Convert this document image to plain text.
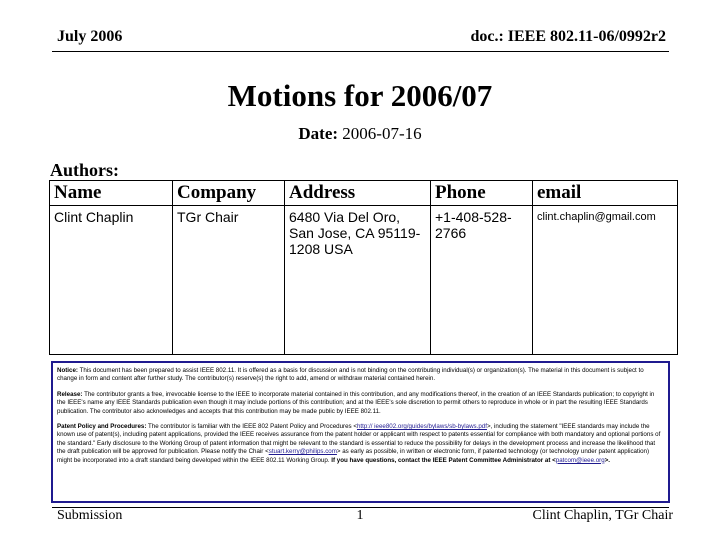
July 2006	doc.: IEEE 802.11-06/0992r2
Motions for 2006/07
Date: 2006-07-16
Authors:
Name	Company	Address	Phone	email
Clint Chaplin	TGr Chair	6480 Via Del Oro, San Jose, CA 95119-1208 USA	+1-408-528-2766	clint.chaplin@gmail.com

Notice: This document has been prepared to assist IEEE 802.11. It is offered as a basis for discussion and is not binding on the contributing individual(s) or organization(s). The material in this document is subject to change in form and content after further study. The contributor(s) reserve(s) the right to add, amend or withdraw material contained herein.

Release: The contributor grants a free, irrevocable license to the IEEE to incorporate material contained in this contribution, and any modifications thereof, in the creation of an IEEE Standards publication; to copyright in the IEEE's name any IEEE Standards publication even though it may include portions of this contribution; and at the IEEE's sole discretion to permit others to reproduce in whole or in part the resulting IEEE Standards publication. The contributor also acknowledges and accepts that this contribution may be made public by IEEE 802.11.

Patent Policy and Procedures: The contributor is familiar with the IEEE 802 Patent Policy and Procedures <http:// ieee802.org/guides/bylaws/sb-bylaws.pdf>, including the statement "IEEE standards may include the known use of patent(s), including patent applications, provided the IEEE receives assurance from the patent holder or applicant with respect to patents essential for compliance with both mandatory and optional portions of the standard." Early disclosure to the Working Group of patent information that might be relevant to the standard is essential to reduce the possibility for delays in the development process and increase the likelihood that the draft publication will be approved for publication. Please notify the Chair <stuart.kerry@philips.com> as early as possible, in written or electronic form, if patented technology (or technology under patent application) might be incorporated into a draft standard being developed within the IEEE 802.11 Working Group. If you have questions, contact the IEEE Patent Committee Administrator at <patcom@ieee.org>.

Submission	1	Clint Chaplin, TGr Chair
